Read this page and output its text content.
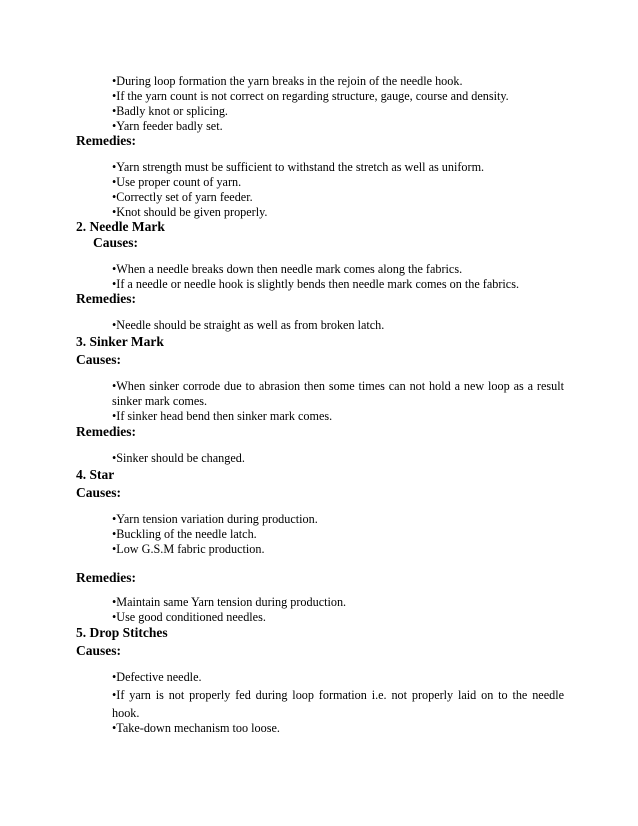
•During loop formation the yarn breaks in the rejoin of the needle hook.
•If the yarn count is not correct on regarding structure, gauge, course and density.
•Badly knot or splicing.
•Yarn feeder badly set.
Remedies:
•Yarn strength must be sufficient to withstand the stretch as well as uniform.
•Use proper count of yarn.
•Correctly set of yarn feeder.
•Knot should be given properly.
2. Needle Mark
Causes:
•When a needle breaks down then needle mark comes along the fabrics.
•If a needle or needle hook is slightly bends then needle mark comes on the fabrics.
Remedies:
•Needle should be straight as well as from broken latch.
3. Sinker Mark
Causes:
•When sinker corrode due to abrasion then some times can not hold a new loop as a result sinker mark comes.
•If sinker head bend then sinker mark comes.
Remedies:
•Sinker should be changed.
4. Star
Causes:
•Yarn tension variation during production.
•Buckling of the needle latch.
•Low G.S.M fabric production.
Remedies:
•Maintain same Yarn tension during production.
•Use good conditioned needles.
5. Drop Stitches
Causes:
•Defective needle.
•If yarn is not properly fed during loop formation i.e. not properly laid on to the needle hook.
•Take-down mechanism too loose.
